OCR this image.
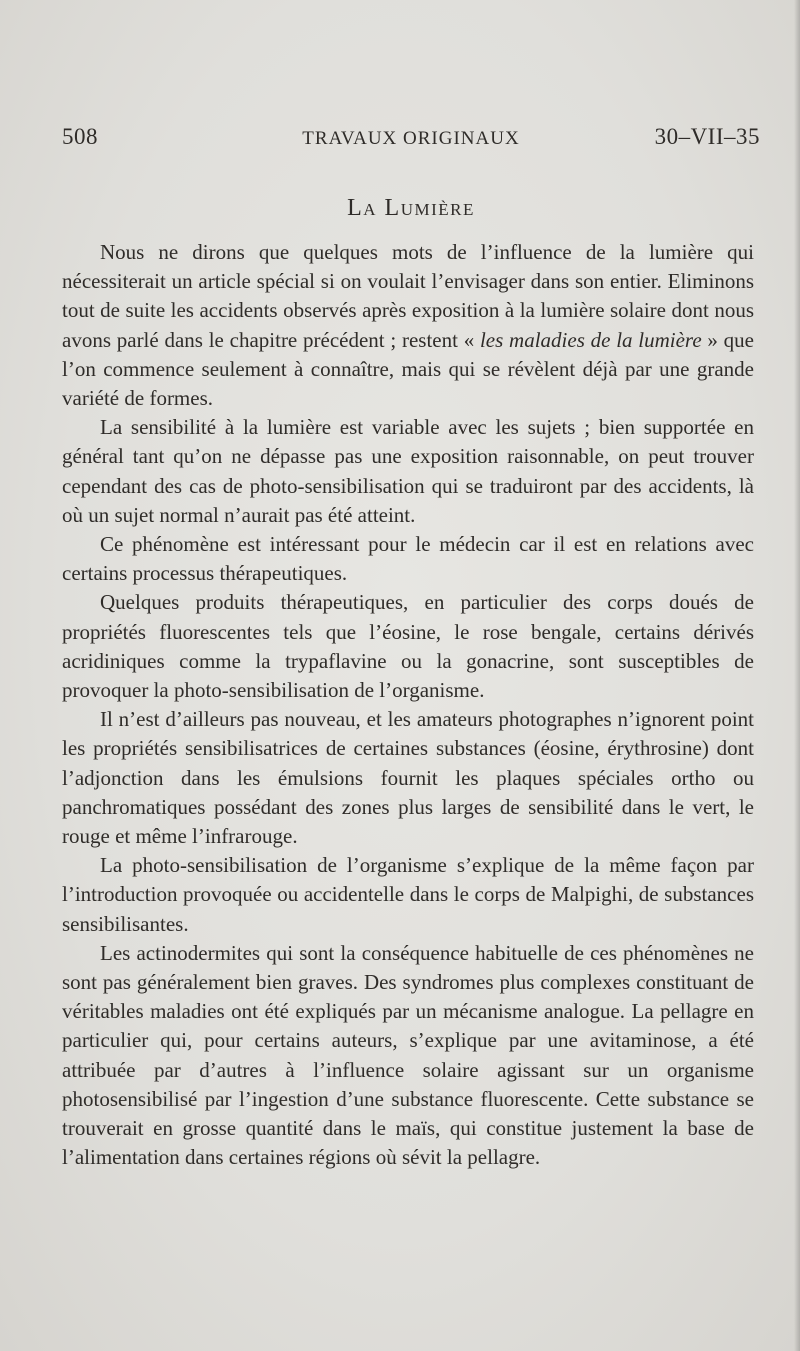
508	TRAVAUX ORIGINAUX	30–VII–35
La Lumière

Nous ne dirons que quelques mots de l’influence de la lumière qui nécessiterait un article spécial si on voulait l’envisager dans son entier. Eliminons tout de suite les accidents observés après exposition à la lumière solaire dont nous avons parlé dans le chapitre précédent ; restent « les maladies de la lumière » que l’on commence seulement à connaître, mais qui se révèlent déjà par une grande variété de formes.

La sensibilité à la lumière est variable avec les sujets ; bien supportée en général tant qu’on ne dépasse pas une exposition raisonnable, on peut trouver cependant des cas de photo-sensibilisation qui se traduiront par des accidents, là où un sujet normal n’aurait pas été atteint.

Ce phénomène est intéressant pour le médecin car il est en relations avec certains processus thérapeutiques.

Quelques produits thérapeutiques, en particulier des corps doués de propriétés fluorescentes tels que l’éosine, le rose bengale, certains dérivés acridiniques comme la trypaflavine ou la gonacrine, sont susceptibles de provoquer la photo-sensibilisation de l’organisme.

Il n’est d’ailleurs pas nouveau, et les amateurs photographes n’ignorent point les propriétés sensibilisatrices de certaines substances (éosine, érythrosine) dont l’adjonction dans les émulsions fournit les plaques spéciales ortho ou panchromatiques possédant des zones plus larges de sensibilité dans le vert, le rouge et même l’infrarouge.

La photo-sensibilisation de l’organisme s’explique de la même façon par l’introduction provoquée ou accidentelle dans le corps de Malpighi, de substances sensibilisantes.

Les actinodermites qui sont la conséquence habituelle de ces phénomènes ne sont pas généralement bien graves. Des syndromes plus complexes constituant de véritables maladies ont été expliqués par un mécanisme analogue. La pellagre en particulier qui, pour certains auteurs, s’explique par une avitaminose, a été attribuée par d’autres à l’influence solaire agissant sur un organisme photosensibilisé par l’ingestion d’une substance fluorescente. Cette substance se trouverait en grosse quantité dans le maïs, qui constitue justement la base de l’alimentation dans certaines régions où sévit la pellagre.
